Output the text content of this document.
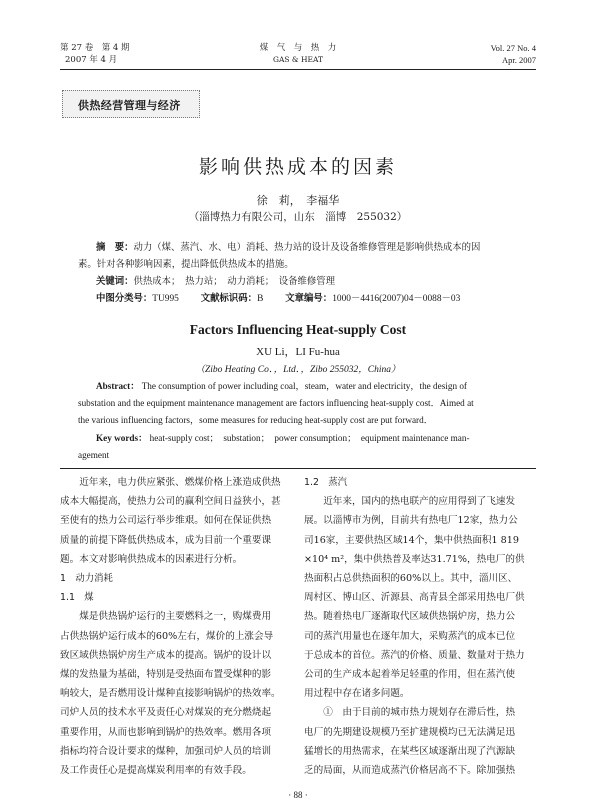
第 27 卷　第 4 期
2007 年 4 月
煤　气　与　热　力
GAS & HEAT
Vol. 27 No. 4
Apr. 2007
供热经营管理与经济
影响供热成本的因素
徐　莉，　李福华
（淄博热力有限公司，山东　淄博　255032）
摘　要：动力（煤、蒸汽、水、电）消耗、热力站的设计及设备维修管理是影响供热成本的因
素。针对各种影响因素，提出降低供热成本的措施。
关键词：供热成本；　热力站；　动力消耗；　设备维修管理
中图分类号：TU995 文献标识码：B 文章编号：1000－4416(2007)04－0088－03
Factors Influencing Heat-supply Cost
XU Li，LI Fu-hua
（Zibo Heating Co．，Ltd．，Zibo 255032，China）
Abstract： The consumption of power including coal，steam，water and electricity，the design of
substation and the equipment maintenance management are factors influencing heat-supply cost．Aimed at
the various influencing factors，some measures for reducing heat-supply cost are put forward．
Key words： heat-supply cost；　substation；　power consumption；　equipment maintenance man-
agement

近年来，电力供应紧张、燃煤价格上涨造成供热

成本大幅提高，使热力公司的赢利空间日益狭小，甚

至使有的热力公司运行举步维艰。如何在保证供热

质量的前提下降低供热成本，成为目前一个重要课

题。本文对影响供热成本的因素进行分析。

1　动力消耗

1.1　煤

煤是供热锅炉运行的主要燃料之一，购煤费用

占供热锅炉运行成本的60%左右，煤价的上涨会导

致区域供热锅炉房生产成本的提高。锅炉的设计以

煤的发热量为基础，特别是受热面布置受煤种的影

响较大，是否燃用设计煤种直接影响锅炉的热效率。

司炉人员的技术水平及责任心对煤炭的充分燃烧起

重要作用，从而也影响到锅炉的热效率。燃用各项

指标均符合设计要求的煤种，加强司炉人员的培训

及工作责任心是提高煤炭利用率的有效手段。

1.2　蒸汽

近年来，国内的热电联产的应用得到了飞速发

展。以淄博市为例，目前共有热电厂12家，热力公

司16家，主要供热区域14个，集中供热面积1 819

×10⁴ m²，集中供热普及率达31.71%，热电厂的供

热面积占总供热面积的60%以上。其中，淄川区、

周村区、博山区、沂源县、高青县全部采用热电厂供

热。随着热电厂逐渐取代区域供热锅炉房，热力公

司的蒸汽用量也在逐年加大，采购蒸汽的成本已位

于总成本的首位。蒸汽的价格、质量、数量对于热力

公司的生产成本起着举足轻重的作用，但在蒸汽使

用过程中存在诸多问题。

①　由于目前的城市热力规划存在滞后性，热

电厂的先期建设规模乃至扩建规模均已无法满足迅

猛增长的用热需求，在某些区域逐渐出现了汽源缺

乏的局面，从而造成蒸汽价格居高不下。除加强热

· 88 ·
